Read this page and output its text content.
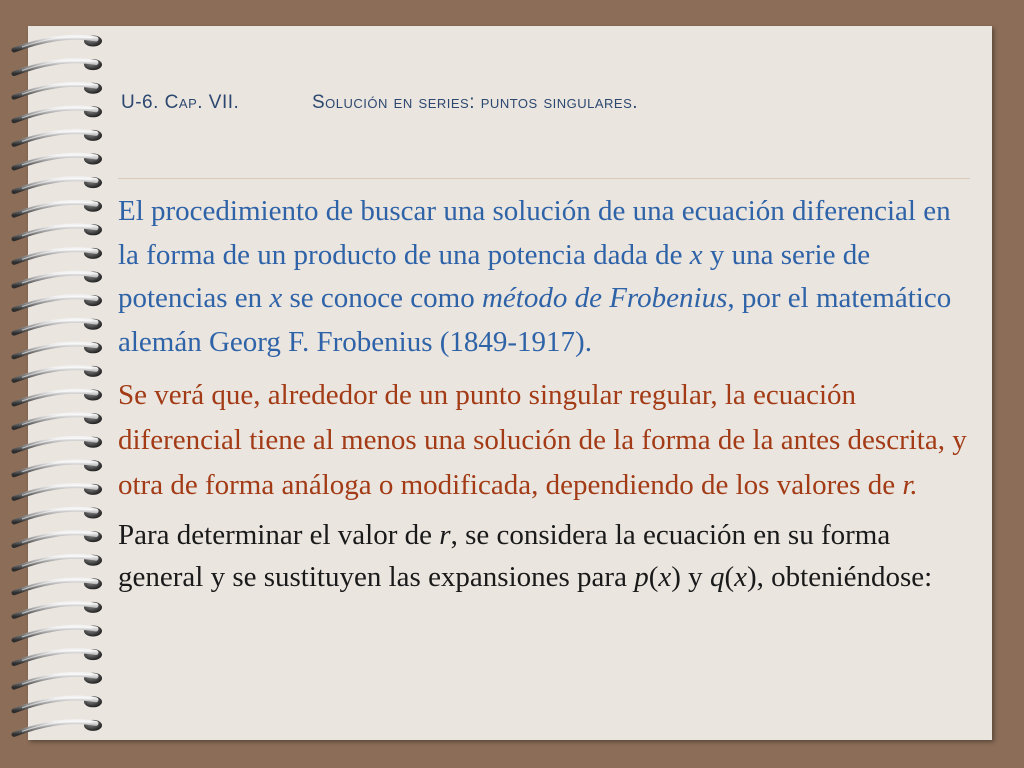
U-6. Cap. VII.	Solución en series: puntos singulares.

El procedimiento de buscar una solución de una ecuación diferencial en la forma de un producto de una potencia dada de x y una serie de potencias en x se conoce como método de Frobenius, por el matemático alemán Georg F. Frobenius (1849-1917).

Se verá que, alrededor de un punto singular regular, la ecuación diferencial tiene al menos una solución de la forma de la antes descrita, y otra de forma análoga o modificada, dependiendo de los valores de r.

Para determinar el valor de r, se considera la ecuación en su forma general y se sustituyen las expansiones para p(x) y q(x), obteniéndose:
